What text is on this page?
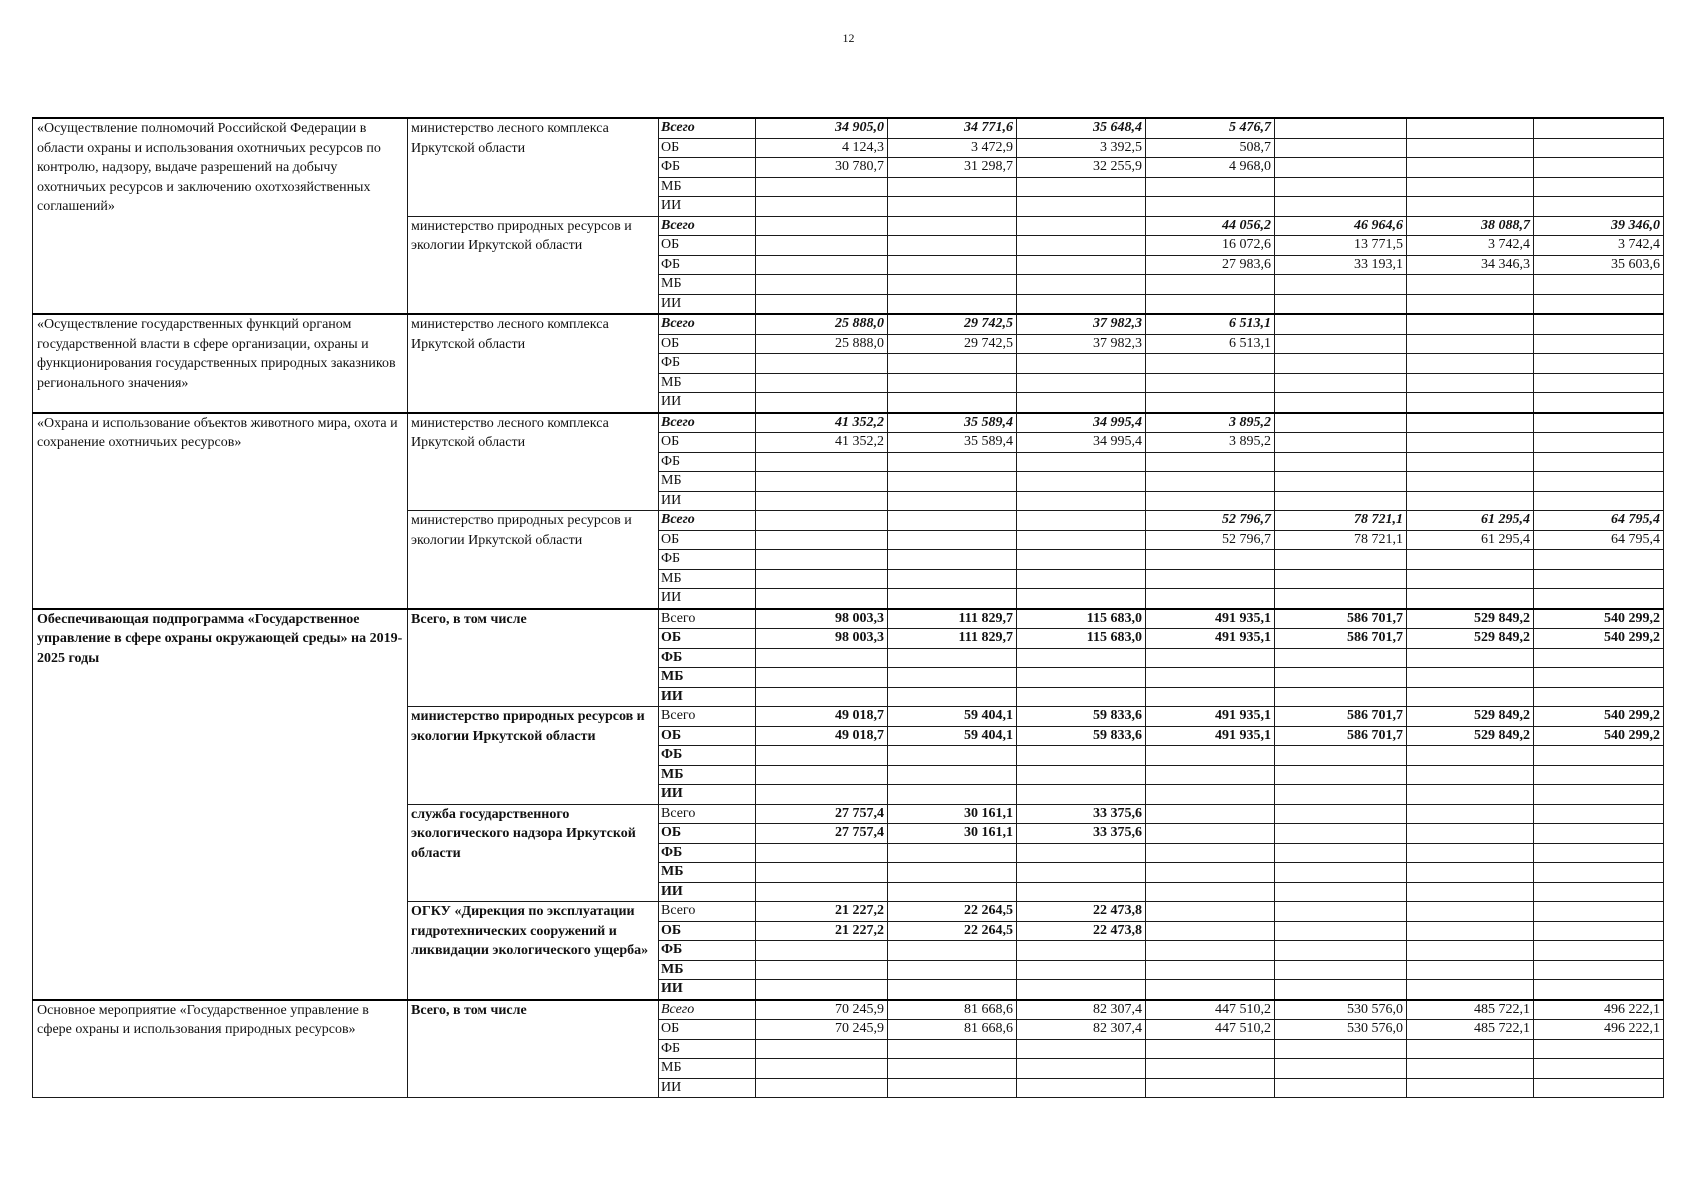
12
«Осуществление полномочий Российской Федерации в области охраны и использования охотничьих ресурсов по контролю, надзору, выдаче разрешений на добычу охотничьих ресурсов и заключению охотхозяйственных соглашений»	министерство лесного комплекса Иркутской области	Всего	34 905,0	34 771,6	35 648,4	5 476,7			
		ОБ	4 124,3	3 472,9	3 392,5	508,7			
		ФБ	30 780,7	31 298,7	32 255,9	4 968,0			
		МБ							
		ИИ							
	министерство природных ресурсов и экологии Иркутской области	Всего				44 056,2	46 964,6	38 088,7	39 346,0
		ОБ				16 072,6	13 771,5	3 742,4	3 742,4
		ФБ				27 983,6	33 193,1	34 346,3	35 603,6
		МБ							
		ИИ							
«Осуществление государственных функций органом государственной власти в сфере организации, охраны и функционирования государственных природных заказников регионального значения»	министерство лесного комплекса Иркутской области	Всего	25 888,0	29 742,5	37 982,3	6 513,1			
		ОБ	25 888,0	29 742,5	37 982,3	6 513,1			
		ФБ							
		МБ							
		ИИ							
«Охрана и использование объектов животного мира, охота и сохранение охотничьих ресурсов»	министерство лесного комплекса Иркутской области	Всего	41 352,2	35 589,4	34 995,4	3 895,2			
		ОБ	41 352,2	35 589,4	34 995,4	3 895,2			
		ФБ							
		МБ							
		ИИ							
	министерство природных ресурсов и экологии Иркутской области	Всего				52 796,7	78 721,1	61 295,4	64 795,4
		ОБ				52 796,7	78 721,1	61 295,4	64 795,4
		ФБ							
		МБ							
		ИИ							
Обеспечивающая подпрограмма «Государственное управление в сфере охраны окружающей среды» на 2019-2025 годы	Всего, в том числе	Всего	98 003,3	111 829,7	115 683,0	491 935,1	586 701,7	529 849,2	540 299,2
		ОБ	98 003,3	111 829,7	115 683,0	491 935,1	586 701,7	529 849,2	540 299,2
		ФБ							
		МБ							
		ИИ							
	министерство природных ресурсов и экологии Иркутской области	Всего	49 018,7	59 404,1	59 833,6	491 935,1	586 701,7	529 849,2	540 299,2
		ОБ	49 018,7	59 404,1	59 833,6	491 935,1	586 701,7	529 849,2	540 299,2
		ФБ							
		МБ							
		ИИ							
	служба государственного экологического надзора Иркутской области	Всего	27 757,4	30 161,1	33 375,6				
		ОБ	27 757,4	30 161,1	33 375,6				
		ФБ							
		МБ							
		ИИ							
	ОГКУ «Дирекция по эксплуатации гидротехнических сооружений и ликвидации экологического ущерба»	Всего	21 227,2	22 264,5	22 473,8				
		ОБ	21 227,2	22 264,5	22 473,8				
		ФБ							
		МБ							
		ИИ							
Основное мероприятие «Государственное управление в сфере охраны и использования природных ресурсов»	Всего, в том числе	Всего	70 245,9	81 668,6	82 307,4	447 510,2	530 576,0	485 722,1	496 222,1
		ОБ	70 245,9	81 668,6	82 307,4	447 510,2	530 576,0	485 722,1	496 222,1
		ФБ							
		МБ							
		ИИ							
